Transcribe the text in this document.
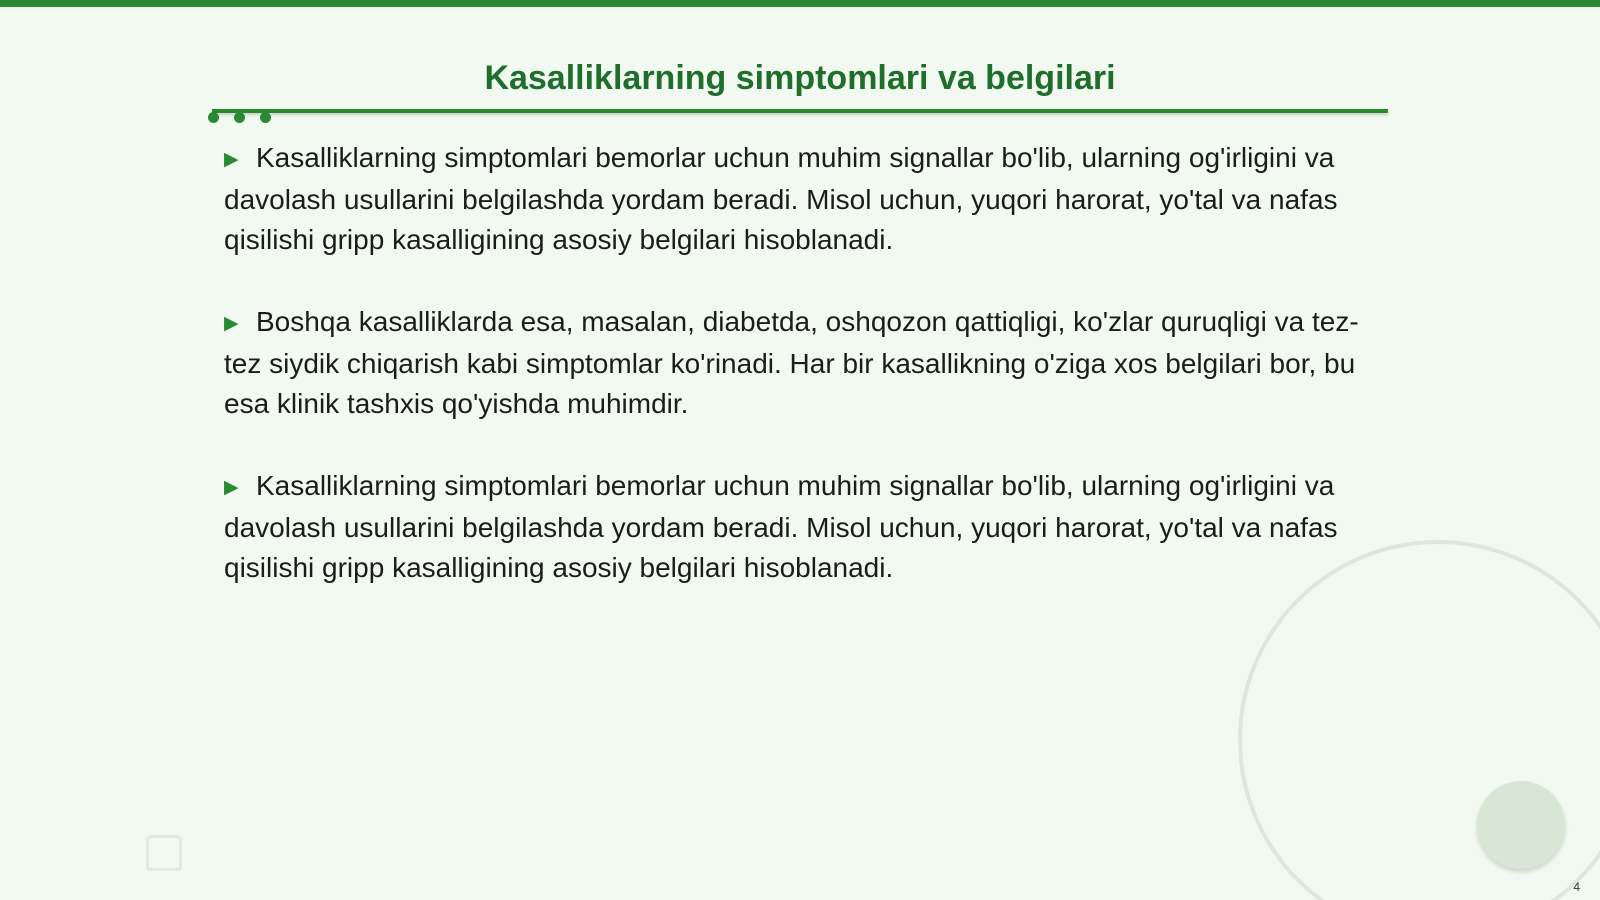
Kasalliklarning simptomlari va belgilari

▶ Kasalliklarning simptomlari bemorlar uchun muhim signallar bo'lib, ularning og'irligini va davolash usullarini belgilashda yordam beradi. Misol uchun, yuqori harorat, yo'tal va nafas qisilishi gripp kasalligining asosiy belgilari hisoblanadi.

▶ Boshqa kasalliklarda esa, masalan, diabetda, oshqozon qattiqligi, ko'zlar quruqligi va tez-tez siydik chiqarish kabi simptomlar ko'rinadi. Har bir kasallikning o'ziga xos belgilari bor, bu esa klinik tashxis qo'yishda muhimdir.

▶ Kasalliklarning simptomlari bemorlar uchun muhim signallar bo'lib, ularning og'irligini va davolash usullarini belgilashda yordam beradi. Misol uchun, yuqori harorat, yo'tal va nafas qisilishi gripp kasalligining asosiy belgilari hisoblanadi.

4
